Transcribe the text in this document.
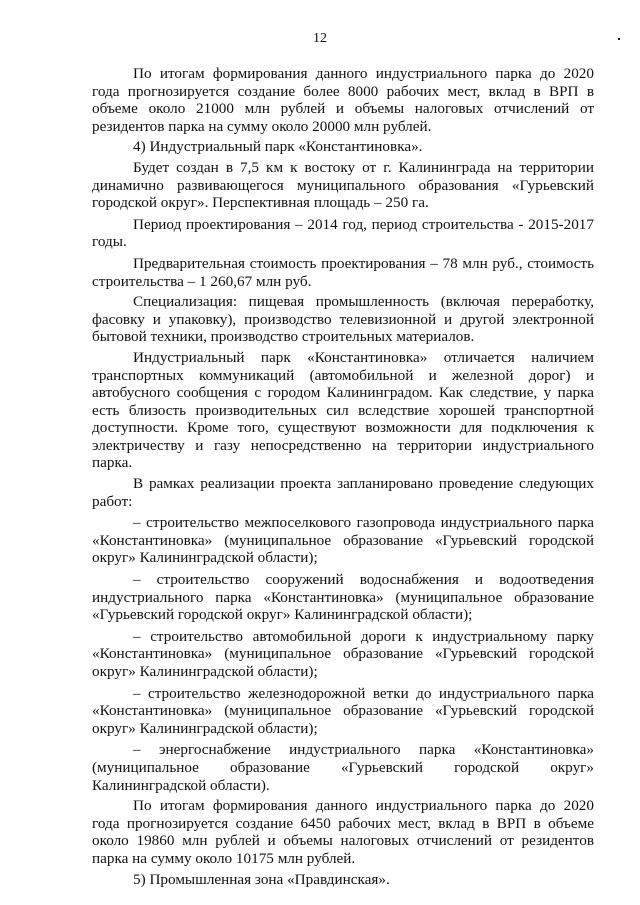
12

По итогам формирования данного индустриального парка до 2020 года прогнозируется создание более 8000 рабочих мест, вклад в ВРП в объеме около 21000 млн рублей и объемы налоговых отчислений от резидентов парка на сумму около 20000 млн рублей.

4) Индустриальный парк «Константиновка».

Будет создан в 7,5 км к востоку от г. Калининграда на территории динамично развивающегося муниципального образования «Гурьевский городской округ». Перспективная площадь – 250 га.

Период проектирования – 2014 год, период строительства - 2015-2017 годы.

Предварительная стоимость проектирования – 78 млн руб., стоимость строительства – 1 260,67 млн руб.

Специализация: пищевая промышленность (включая переработку, фасовку и упаковку), производство телевизионной и другой электронной бытовой техники, производство строительных материалов.

Индустриальный парк «Константиновка» отличается наличием транспортных коммуникаций (автомобильной и железной дорог) и автобусного сообщения с городом Калининградом. Как следствие, у парка есть близость производительных сил вследствие хорошей транспортной доступности. Кроме того, существуют возможности для подключения к электричеству и газу непосредственно на территории индустриального парка.

В рамках реализации проекта запланировано проведение следующих работ:

– строительство межпоселкового газопровода индустриального парка «Константиновка» (муниципальное образование «Гурьевский городской округ» Калининградской области);

– строительство сооружений водоснабжения и водоотведения индустриального парка «Константиновка» (муниципальное образование «Гурьевский городской округ» Калининградской области);

– строительство автомобильной дороги к индустриальному парку «Константиновка» (муниципальное образование «Гурьевский городской округ» Калининградской области);

– строительство железнодорожной ветки до индустриального парка «Константиновка» (муниципальное образование «Гурьевский городской округ» Калининградской области);

– энергоснабжение индустриального парка «Константиновка» (муниципальное образование «Гурьевский городской округ» Калининградской области).

По итогам формирования данного индустриального парка до 2020 года прогнозируется создание 6450 рабочих мест, вклад в ВРП в объеме около 19860 млн рублей и объемы налоговых отчислений от резидентов парка на сумму около 10175 млн рублей.

5) Промышленная зона «Правдинская».
